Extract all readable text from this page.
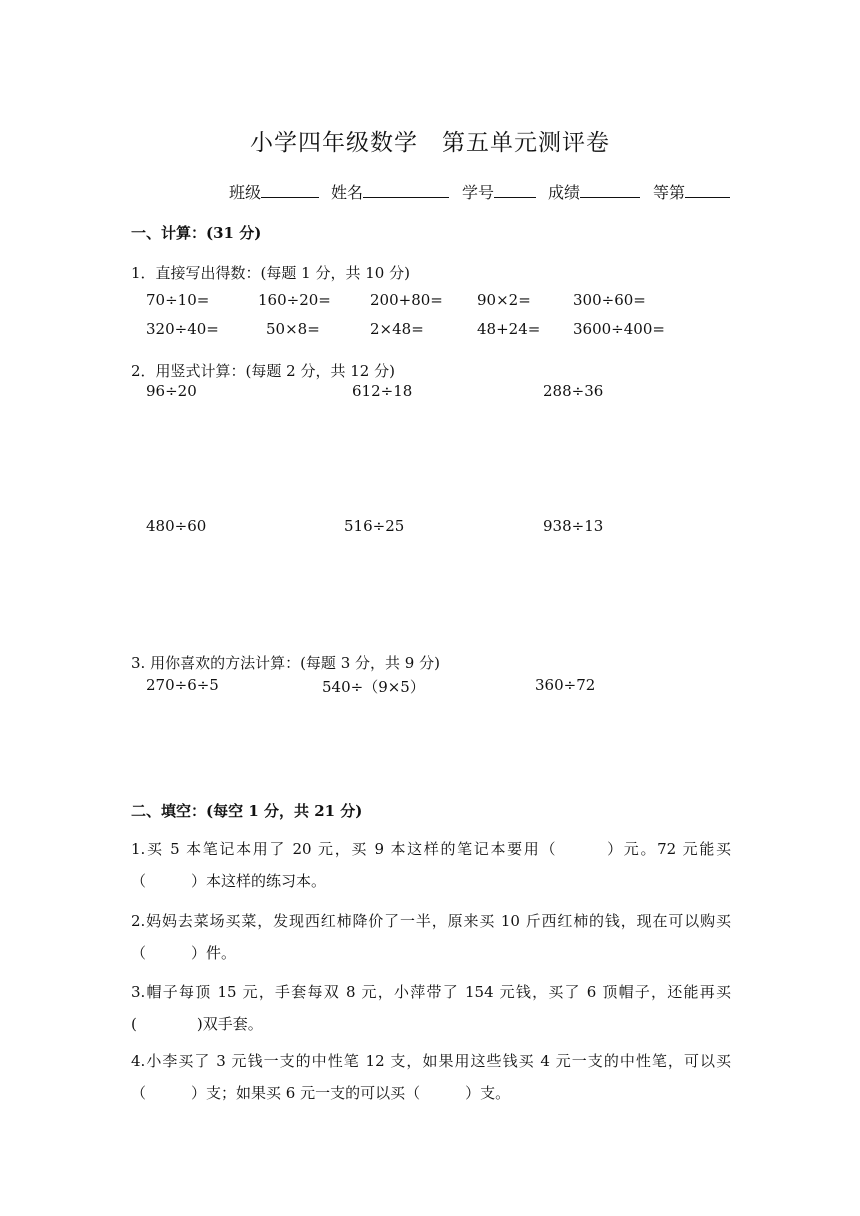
小学四年级数学　第五单元测评卷
班级	姓名	学号	成绩	等第
一、计算：(31 分)
1．直接写出得数：(每题 1 分，共 10 分)
70÷10=	160÷20=	200+80= 90×2=	300÷60=
320÷40=	50×8=	2×48=	48+24= 3600÷400=
2．用竖式计算：(每题 2 分，共 12 分)
96÷20	612÷18	288÷36
480÷60	516÷25	938÷13
3. 用你喜欢的方法计算：(每题 3 分，共 9 分)
270÷6÷5	540÷（9×5）	360÷72
二、填空：(每空 1 分，共 21 分)
1.买 5 本笔记本用了 20 元，买 9 本这样的笔记本要用（　　　）元。72 元能买（　　　）本这样的练习本。
2.妈妈去菜场买菜，发现西红柿降价了一半，原来买 10 斤西红柿的钱，现在可以购买（　　　）件。
3.帽子每顶 15 元，手套每双 8 元，小萍带了 154 元钱，买了 6 顶帽子，还能再买(　　　　)双手套。
4.小李买了 3 元钱一支的中性笔 12 支，如果用这些钱买 4 元一支的中性笔，可以买（　　　）支；如果买 6 元一支的可以买（　　　）支。
